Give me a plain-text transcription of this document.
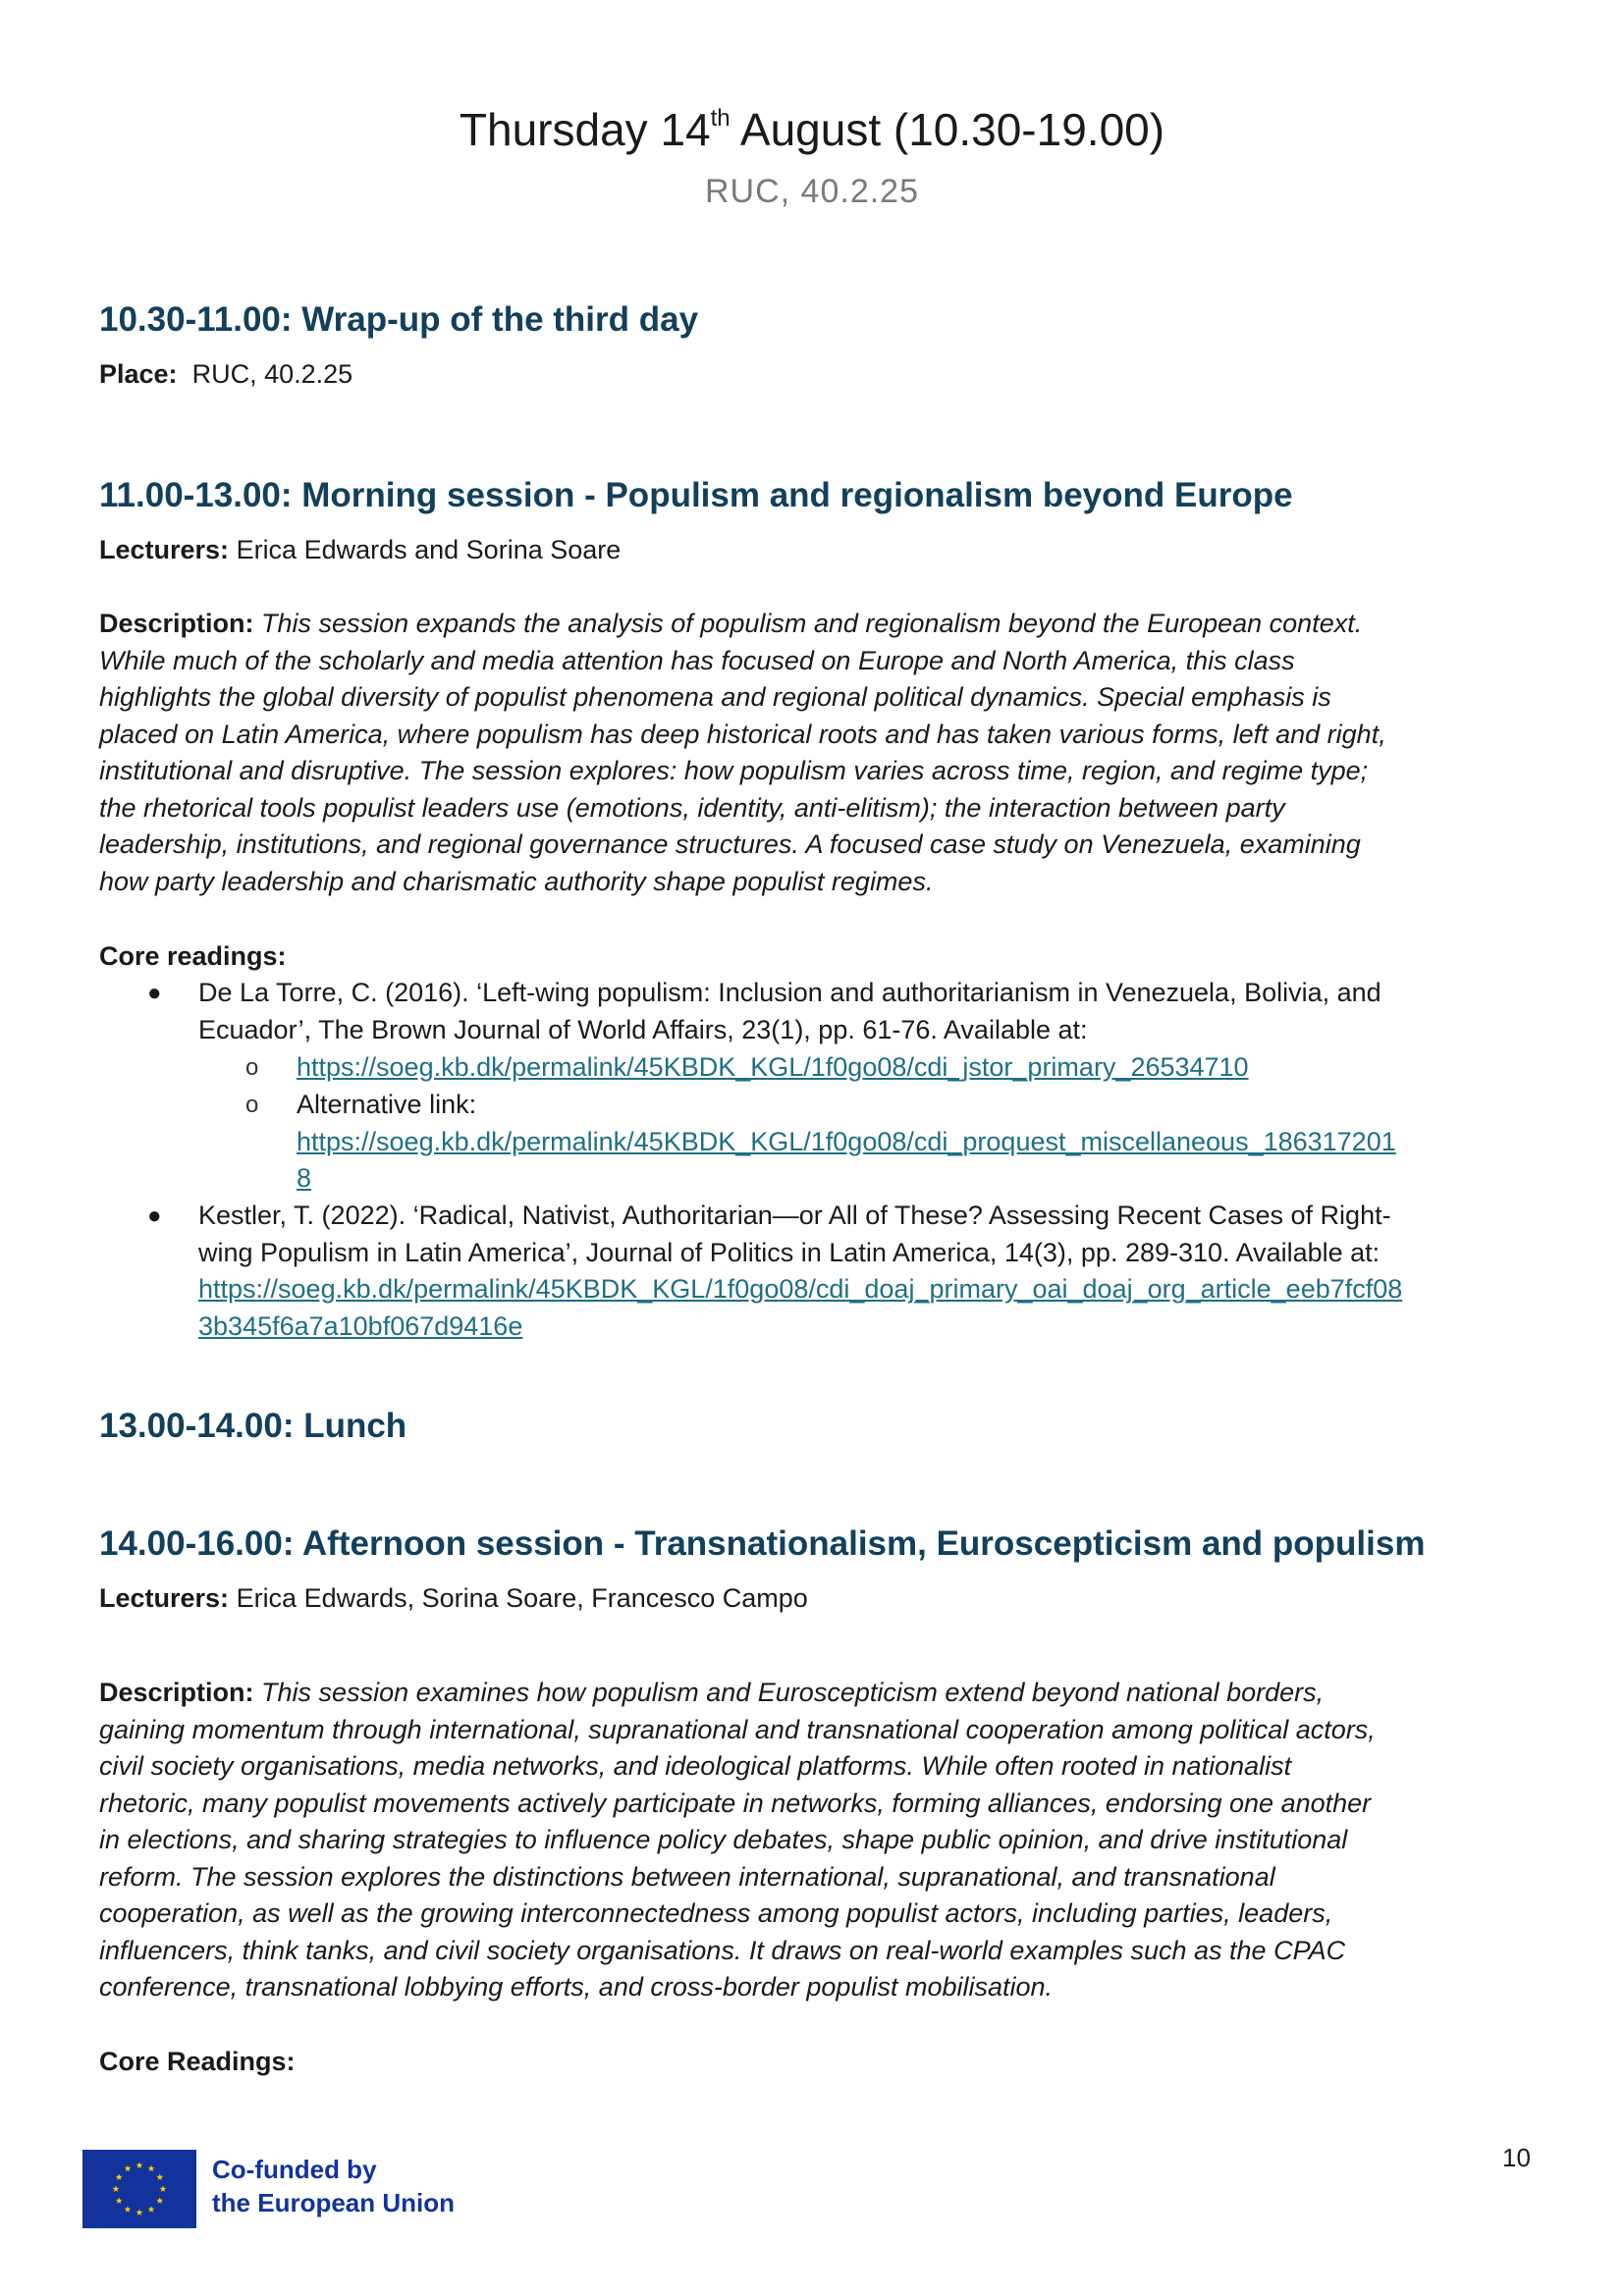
Thursday 14th August (10.30-19.00)
RUC, 40.2.25
10.30-11.00: Wrap-up of the third day
Place: RUC, 40.2.25
11.00-13.00: Morning session - Populism and regionalism beyond Europe
Lecturers: Erica Edwards and Sorina Soare
Description: This session expands the analysis of populism and regionalism beyond the European context.
While much of the scholarly and media attention has focused on Europe and North America, this class
highlights the global diversity of populist phenomena and regional political dynamics. Special emphasis is
placed on Latin America, where populism has deep historical roots and has taken various forms, left and right,
institutional and disruptive. The session explores: how populism varies across time, region, and regime type;
the rhetorical tools populist leaders use (emotions, identity, anti-elitism); the interaction between party
leadership, institutions, and regional governance structures. A focused case study on Venezuela, examining
how party leadership and charismatic authority shape populist regimes.
Core readings:
● De La Torre, C. (2016). ‘Left-wing populism: Inclusion and authoritarianism in Venezuela, Bolivia, and
Ecuador’, The Brown Journal of World Affairs, 23(1), pp. 61-76. Available at:
o https://soeg.kb.dk/permalink/45KBDK_KGL/1f0go08/cdi_jstor_primary_26534710
o Alternative link:
https://soeg.kb.dk/permalink/45KBDK_KGL/1f0go08/cdi_proquest_miscellaneous_186317201
8
● Kestler, T. (2022). ‘Radical, Nativist, Authoritarian—or All of These? Assessing Recent Cases of Right-
wing Populism in Latin America’, Journal of Politics in Latin America, 14(3), pp. 289-310. Available at:
https://soeg.kb.dk/permalink/45KBDK_KGL/1f0go08/cdi_doaj_primary_oai_doaj_org_article_eeb7fcf08
3b345f6a7a10bf067d9416e
13.00-14.00: Lunch
14.00-16.00: Afternoon session - Transnationalism, Euroscepticism and populism
Lecturers: Erica Edwards, Sorina Soare, Francesco Campo
Description: This session examines how populism and Euroscepticism extend beyond national borders,
gaining momentum through international, supranational and transnational cooperation among political actors,
civil society organisations, media networks, and ideological platforms. While often rooted in nationalist
rhetoric, many populist movements actively participate in networks, forming alliances, endorsing one another
in elections, and sharing strategies to influence policy debates, shape public opinion, and drive institutional
reform. The session explores the distinctions between international, supranational, and transnational
cooperation, as well as the growing interconnectedness among populist actors, including parties, leaders,
influencers, think tanks, and civil society organisations. It draws on real-world examples such as the CPAC
conference, transnational lobbying efforts, and cross-border populist mobilisation.
Core Readings:
Co-funded by
the European Union
10
